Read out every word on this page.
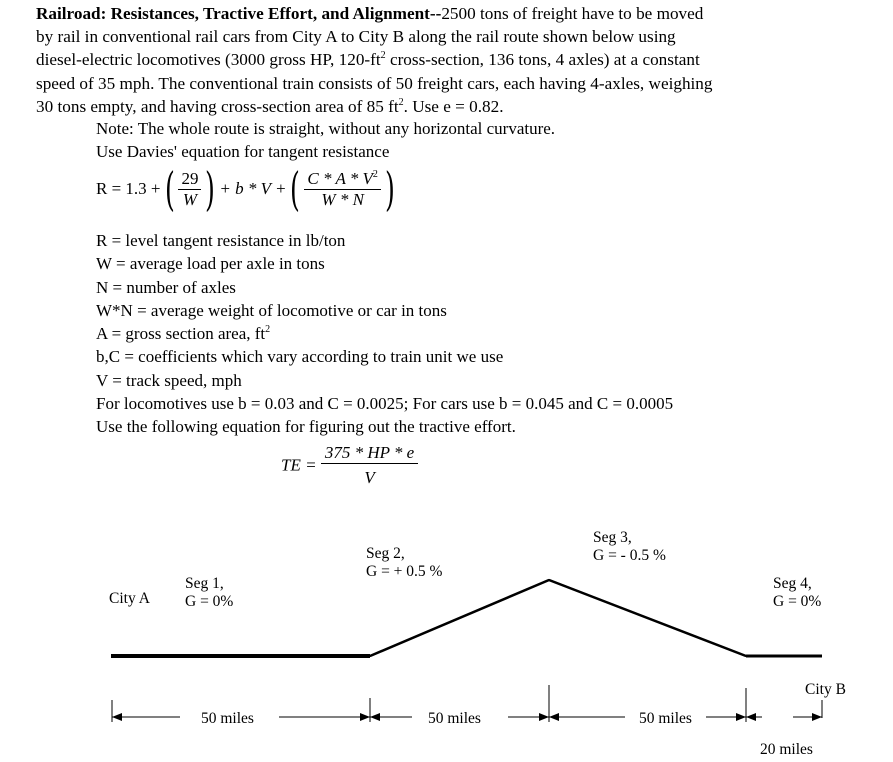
Railroad: Resistances, Tractive Effort, and Alignment--2500 tons of freight have to be moved
by rail in conventional rail cars from City A to City B along the rail route shown below using
diesel-electric locomotives (3000 gross HP, $120-ft^2$ cross-section, 136 tons, 4 axles) at a constant
speed of 35 mph. The conventional train consists of 50 freight cars, each having 4-axles, weighing
30 tons empty, and having cross-section area of 85 $ft^2$. Use e = 0.82.
Note: The whole route is straight, without any horizontal curvature.
Use Davies' equation for tangent resistance
R = 1.3 +( $\frac{29}{W}$ ) + b * V +( $\frac{C * A * V^2}{W * N}$ )
R = level tangent resistance in lb/ton
W = average load per axle in tons
N = number of axles
W*N = average weight of locomotive or car in tons
A = gross section area, $ft^2$
b,C = coefficients which vary according to train unit we use
V = track speed, mph
For locomotives use b = 0.03 and C = 0.0025; For cars use b = 0.045 and C = 0.0005
Use the following equation for figuring out the tractive effort.
TE = $\frac{375 * HP * e}{V}$
City A
Seg 1,
G = 0%
Seg 2,
G = + 0.5 %
Seg 3,
G = - 0.5 %
Seg 4,
G = 0%
City B
50 miles	50 miles	50 miles
20 miles
